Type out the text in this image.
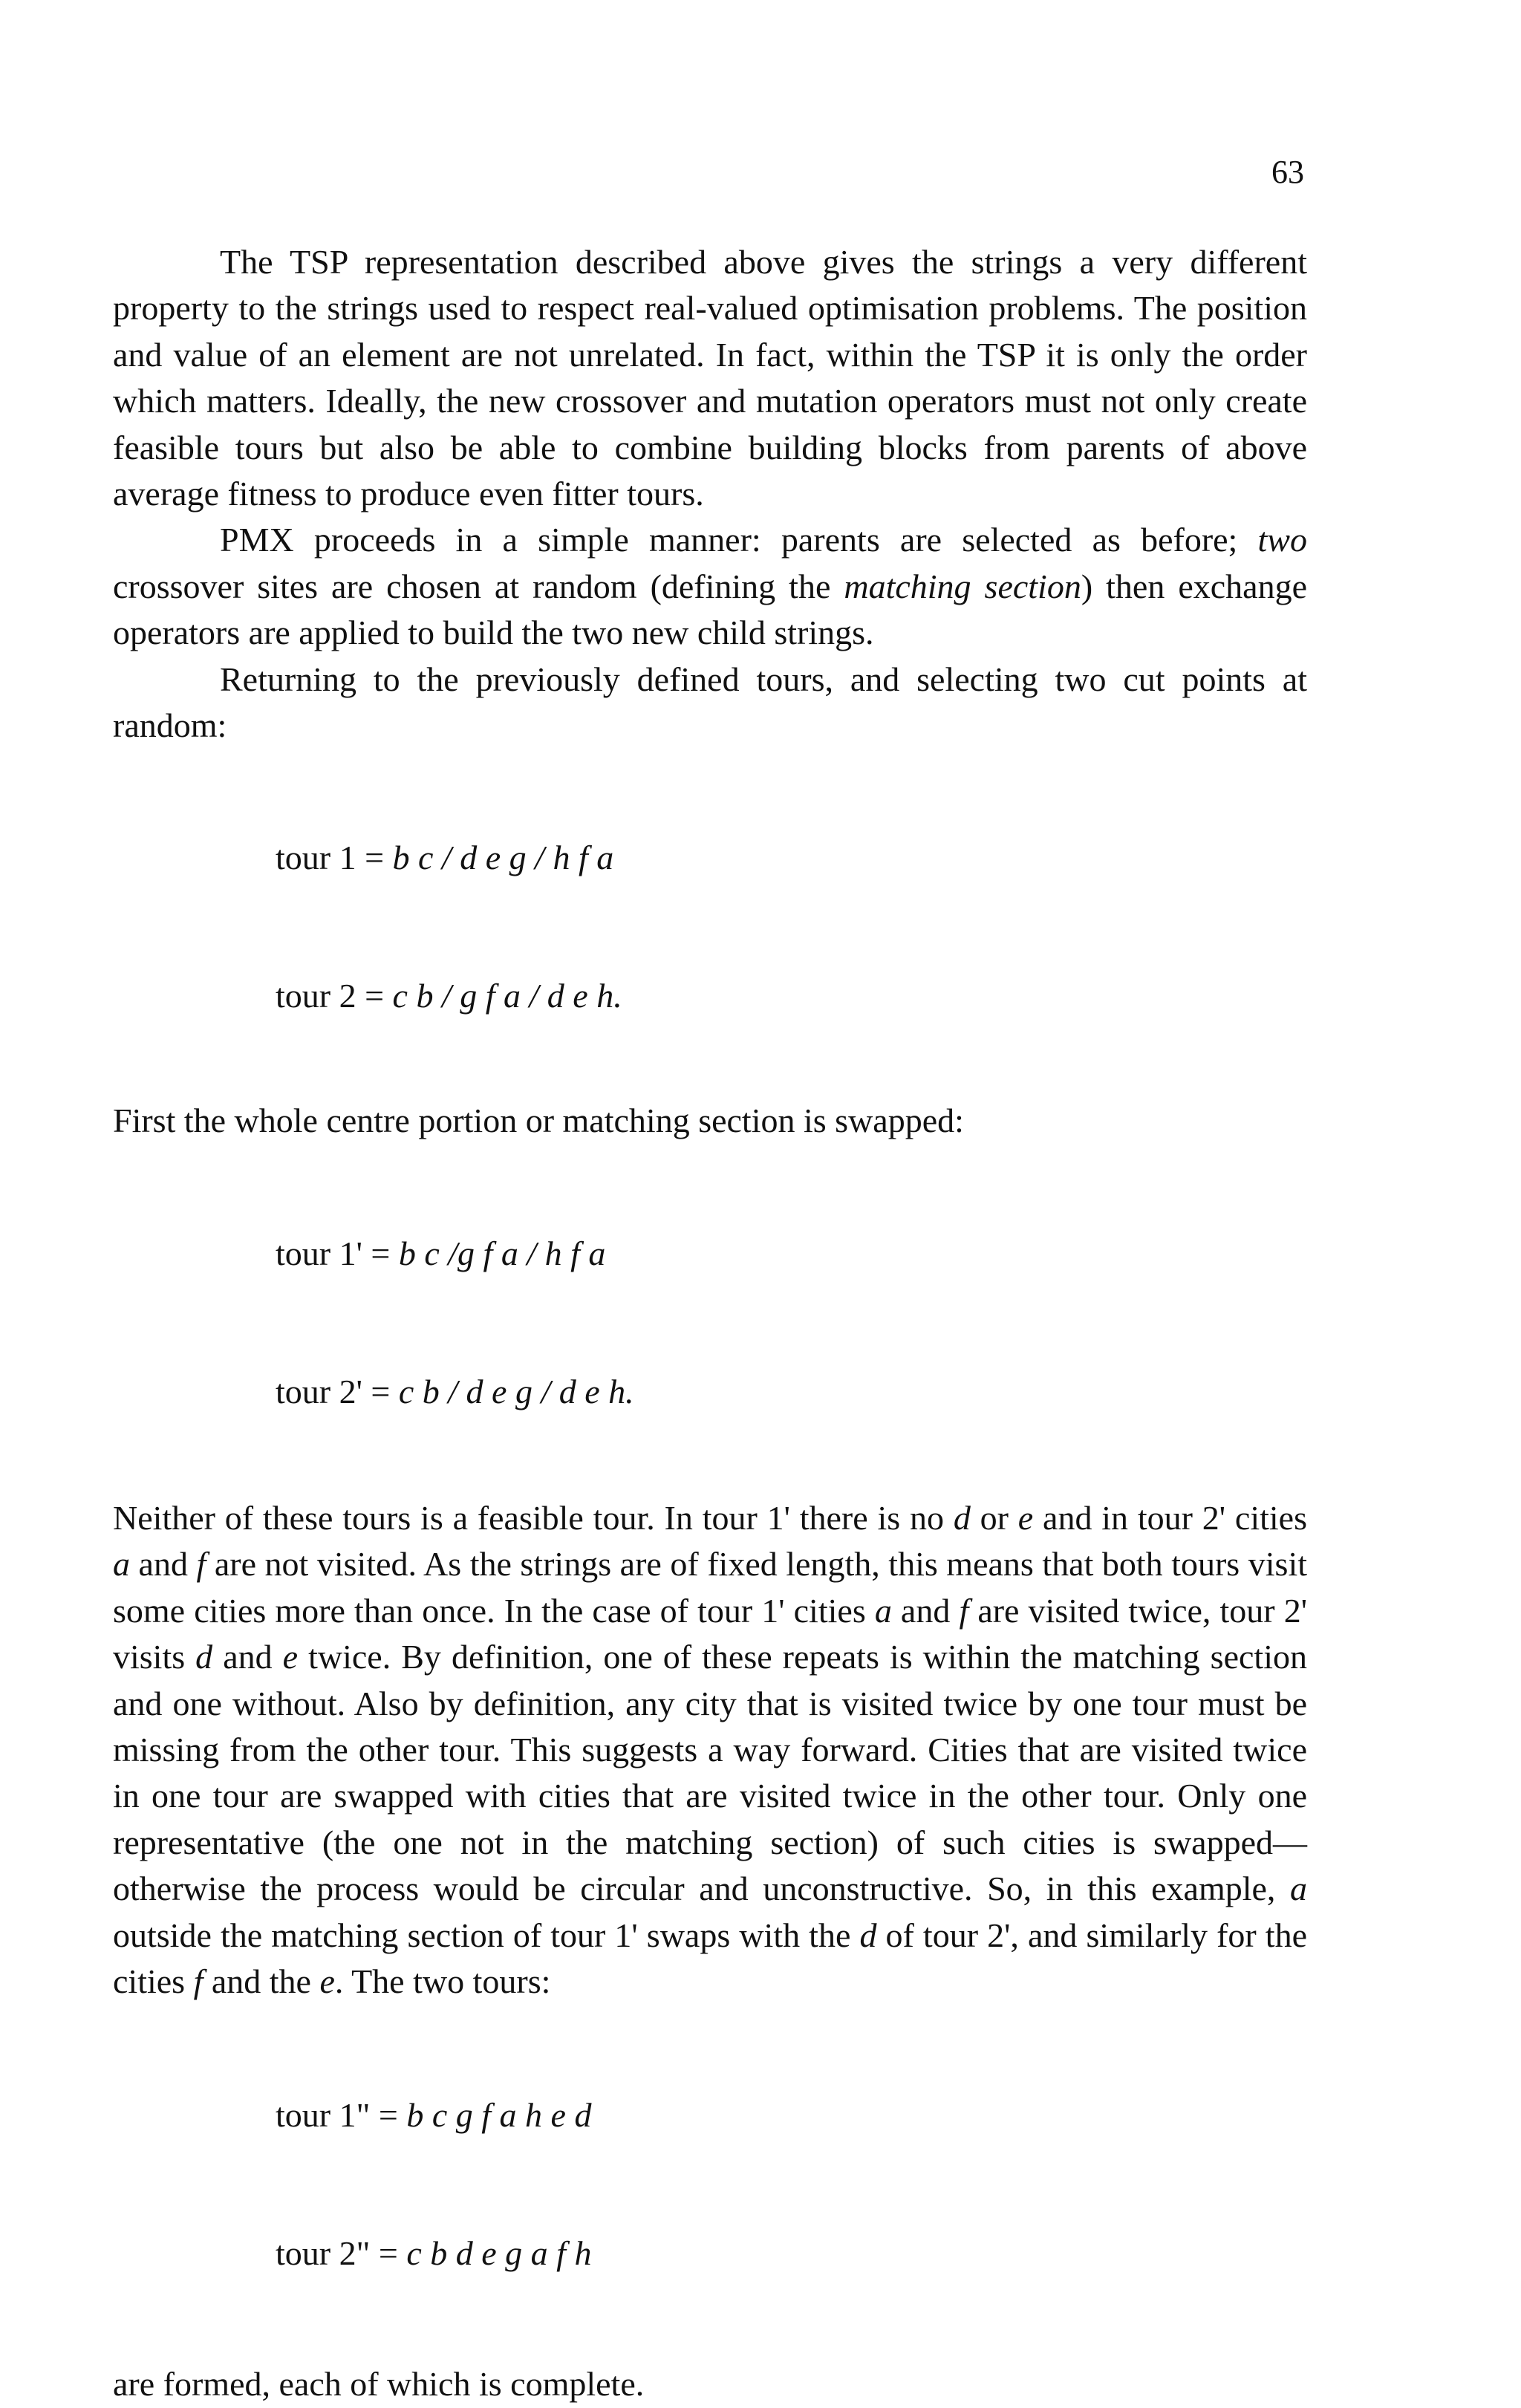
63

The TSP representation described above gives the strings a very different property to the strings used to respect real-valued optimisation problems. The position and value of an element are not unrelated. In fact, within the TSP it is only the order which matters. Ideally, the new crossover and mutation operators must not only create feasible tours but also be able to combine building blocks from parents of above average fitness to produce even fitter tours.

PMX proceeds in a simple manner: parents are selected as before; two crossover sites are chosen at random (defining the matching section) then exchange operators are applied to build the two new child strings.

Returning to the previously defined tours, and selecting two cut points at random:

tour 1 = b c / d e g / h f a

tour 2 = c b / g f a / d e h.

First the whole centre portion or matching section is swapped:

tour 1' = b c /g f a / h f a

tour 2' = c b / d e g / d e h.

Neither of these tours is a feasible tour. In tour 1' there is no d or e and in tour 2' cities a and f are not visited. As the strings are of fixed length, this means that both tours visit some cities more than once. In the case of tour 1' cities a and f are visited twice, tour 2' visits d and e twice. By definition, one of these repeats is within the matching section and one without. Also by definition, any city that is visited twice by one tour must be missing from the other tour. This suggests a way forward. Cities that are visited twice in one tour are swapped with cities that are visited twice in the other tour. Only one representative (the one not in the matching section) of such cities is swapped—otherwise the process would be circular and unconstructive. So, in this example, a outside the matching section of tour 1' swaps with the d of tour 2', and similarly for the cities f and the e. The two tours:

tour 1" = b c g f a h e d

tour 2" = c b d e g a f h

are formed, each of which is complete.
